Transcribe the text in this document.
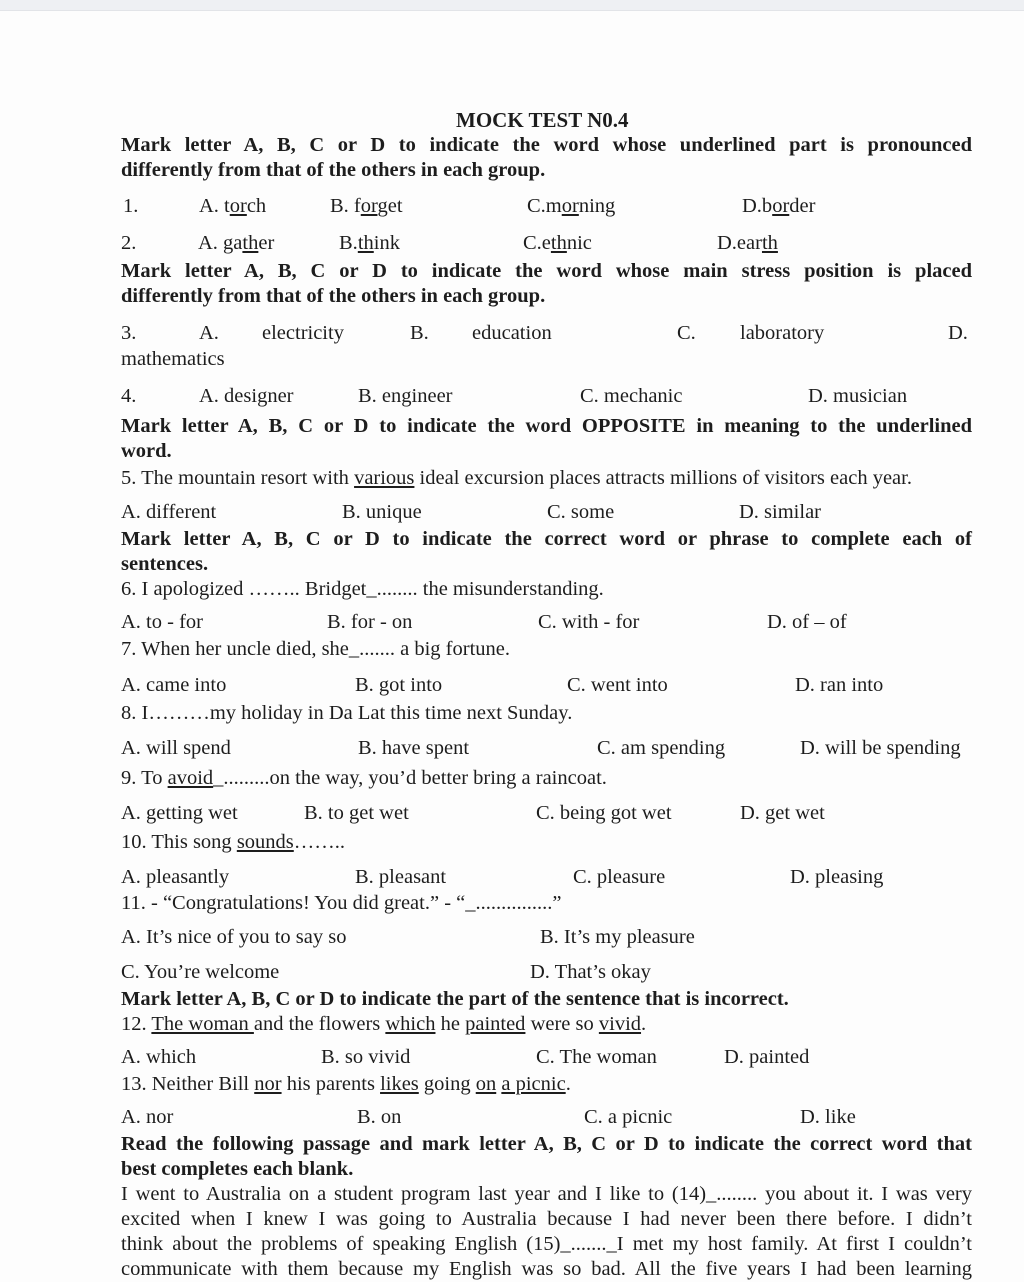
MOCK TEST N0.4
Mark letter A, B, C or D to indicate the word whose underlined part is pronounced
differently from that of the others in each group.
1.	A. torch	B. forget	C.morning	D.border
2.	A. gather	B.think	C.ethnic	D.earth
Mark letter A, B, C or D to indicate the word whose main stress position is placed
differently from that of the others in each group.
3.	A. electricity	B. education	C. laboratory	D.
mathematics
4.	A. designer	B. engineer	C. mechanic	D. musician
Mark letter A, B, C or D to indicate the word OPPOSITE in meaning to the underlined
word.
5. The mountain resort with various ideal excursion places attracts millions of visitors each year.
A. different	B. unique	C. some	D. similar
Mark letter A, B, C or D to indicate the correct word or phrase to complete each of
sentences.
6. I apologized …….. Bridget_........ the misunderstanding.
A. to - for	B. for - on	C. with - for	D. of – of
7. When her uncle died, she_....... a big fortune.
A. came into	B. got into	C. went into	D. ran into
8. I………my holiday in Da Lat this time next Sunday.
A. will spend	B. have spent	C. am spending	D. will be spending
9. To avoid_.........on the way, you’d better bring a raincoat.
A. getting wet	B. to get wet	C. being got wet	D. get wet
10. This song sounds……..
A. pleasantly	B. pleasant	C. pleasure	D. pleasing
11. - “Congratulations! You did great.” - “_...............”
A. It’s nice of you to say so	B. It’s my pleasure
C. You’re welcome	D. That’s okay
Mark letter A, B, C or D to indicate the part of the sentence that is incorrect.
12. The woman and the flowers which he painted were so vivid.
A. which	B. so vivid	C. The woman	D. painted
13. Neither Bill nor his parents likes going on a picnic.
A. nor	B. on	C. a picnic	D. like
Read the following passage and mark letter A, B, C or D to indicate the correct word that
best completes each blank.
I went to Australia on a student program last year and I like to (14)_........ you about it. I was very
excited when I knew I was going to Australia because I had never been there before. I didn’t
think about the problems of speaking English (15)_......._I met my host family. At first I couldn’t
communicate with them because my English was so bad. All the five years I had been learning
